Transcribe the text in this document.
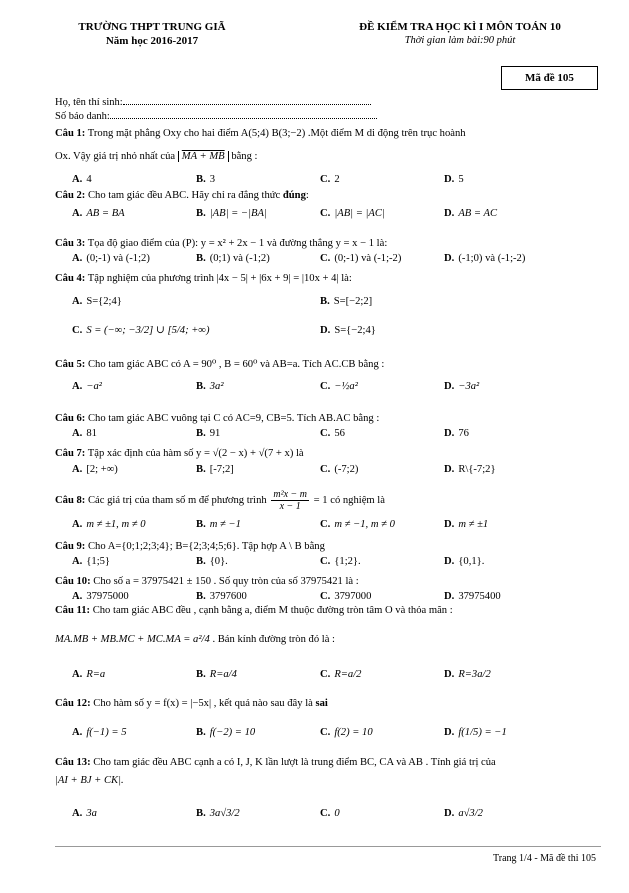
TRƯỜNG THPT TRUNG GIÃ
Năm học 2016-2017
ĐỀ KIỂM TRA HỌC KÌ I MÔN TOÁN 10
Thời gian làm bài:90 phút
Mã đề 105
Họ, tên thí sinh:
Số báo danh:
Câu 1: Trong mặt phẳng Oxy cho hai điểm A(5;4) B(3;−2) .Một điểm M di động trên trục hoành
Ox. Vậy giá trị nhỏ nhất của MA + MB bằng :
A. 4	B. 3	C. 2	D. 5
Câu 2: Cho tam giác đều ABC. Hãy chỉ ra đẳng thức đúng:
A. AB = BA	B. |AB| = −|BA|	C. |AB| = |AC|	D. AB = AC
Câu 3: Tọa độ giao điểm của (P): y = x² + 2x − 1 và đường thẳng y = x − 1 là:
A. (0;-1) và (-1;2)	B. (0;1) và (-1;2)	C. (0;-1) và (-1;-2)	D. (-1;0) và (-1;-2)
Câu 4: Tập nghiệm của phương trình |4x − 5| + |6x + 9| = |10x + 4| là:
A. S={2;4}	B. S=[−2;2]
C. S = (−∞; −3/2] ∪ [5/4; +∞)	D. S={−2;4}
Câu 5: Cho tam giác ABC có A = 90⁰ , B = 60⁰ và AB=a. Tích AC.CB bằng :
A. −a²	B. 3a²	C. −½a²	D. −3a²
Câu 6: Cho tam giác ABC vuông tại C có AC=9, CB=5. Tích AB.AC bằng :
A. 81	B. 91	C. 56	D. 76
Câu 7: Tập xác định của hàm số y = √(2 − x) + √(7 + x) là
A. [2; +∞)	B. [-7;2]	C. (-7;2)	D. R\{-7;2}
Câu 8: Các giá trị của tham số m để phương trình $\frac{\text{m²x − m}}{x - 1} = 1$ có nghiệm là
A. m ≠ ±1, m ≠ 0	B. m ≠ −1	C. m ≠ −1, m ≠ 0	D. m ≠ ±1
Câu 9: Cho A={0;1;2;3;4}; B={2;3;4;5;6}. Tập hợp A \ B bằng
A. {1;5}	B. {0}.	C. {1;2}.	D. {0,1}.
Câu 10: Cho số a = 37975421 ± 150 . Số quy tròn của số 37975421 là :
A. 37975000	B. 3797600	C. 3797000	D. 37975400
Câu 11: Cho tam giác ABC đều , cạnh bằng a, điểm M thuộc đường tròn tâm O và thỏa mãn :
MA.MB + MB.MC + MC.MA = a²/4 . Bán kính đường tròn đó là :
A. R=a	B. R=a/4	C. R=a/2	D. R=3a/2
Câu 12: Cho hàm số y = f(x) = |−5x| , kết quả nào sau đây là sai
A. f(−1) = 5	B. f(−2) = 10	C. f(2) = 10	D. f(1/5) = −1
Câu 13: Cho tam giác đều ABC cạnh a có I, J, K lần lượt là trung điểm BC, CA và AB . Tính giá trị của
|AI + BJ + CK|.
A. 3a	B. 3a√3/2	C. 0	D. a√3/2
Trang 1/4 - Mã đề thi 105
